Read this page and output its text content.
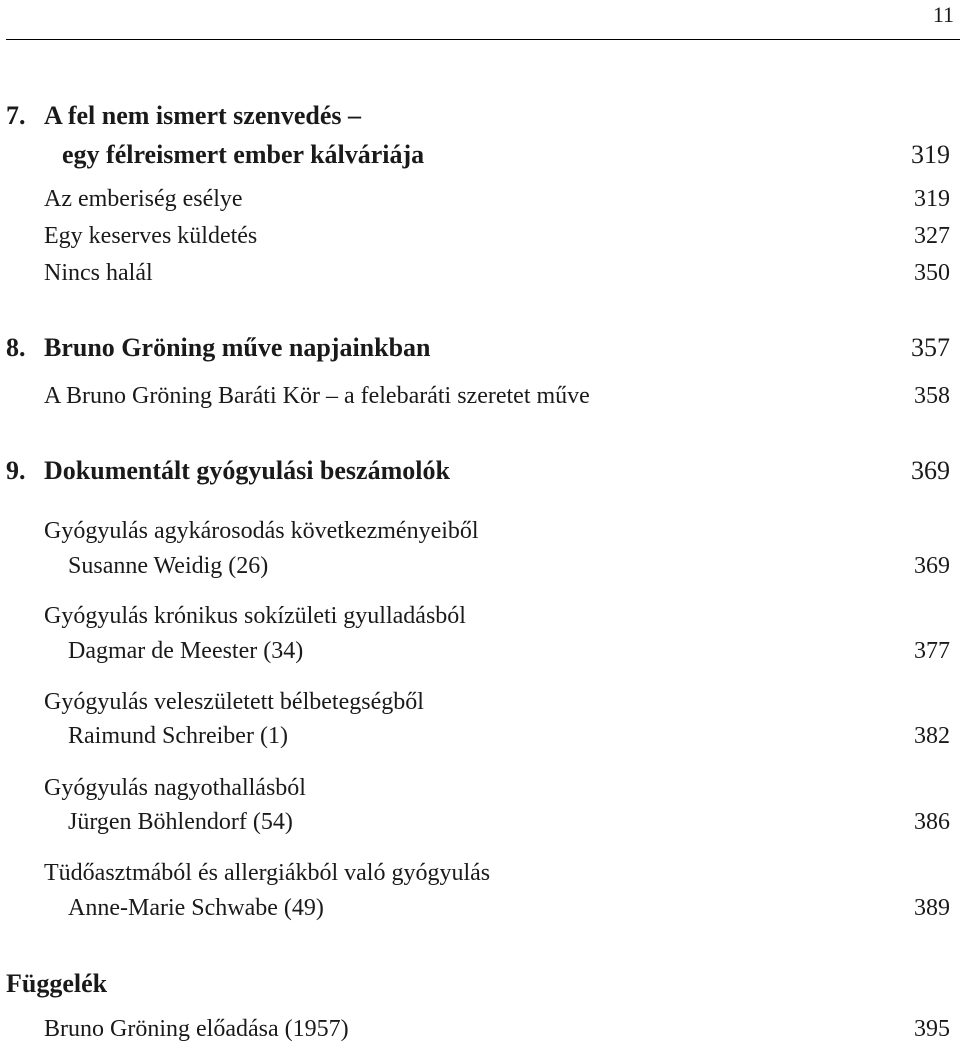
11
7. A fel nem ismert szenvedés –
egy félreismert ember kálváriája	319
Az emberiség esélye	319
Egy keserves küldetés	327
Nincs halál	350
8. Bruno Gröning műve napjainkban	357
A Bruno Gröning Baráti Kör – a felebaráti szeretet műve	358
9. Dokumentált gyógyulási beszámolók	369
Gyógyulás agykárosodás következményeiből
Susanne Weidig (26)	369
Gyógyulás krónikus sokízületi gyulladásból
Dagmar de Meester (34)	377
Gyógyulás veleszületett bélbetegségből
Raimund Schreiber (1)	382
Gyógyulás nagyothallásból
Jürgen Böhlendorf (54)	386
Tüdőasztmából és allergiákból való gyógyulás
Anne-Marie Schwabe (49)	389
Függelék
Bruno Gröning előadása (1957)	395
